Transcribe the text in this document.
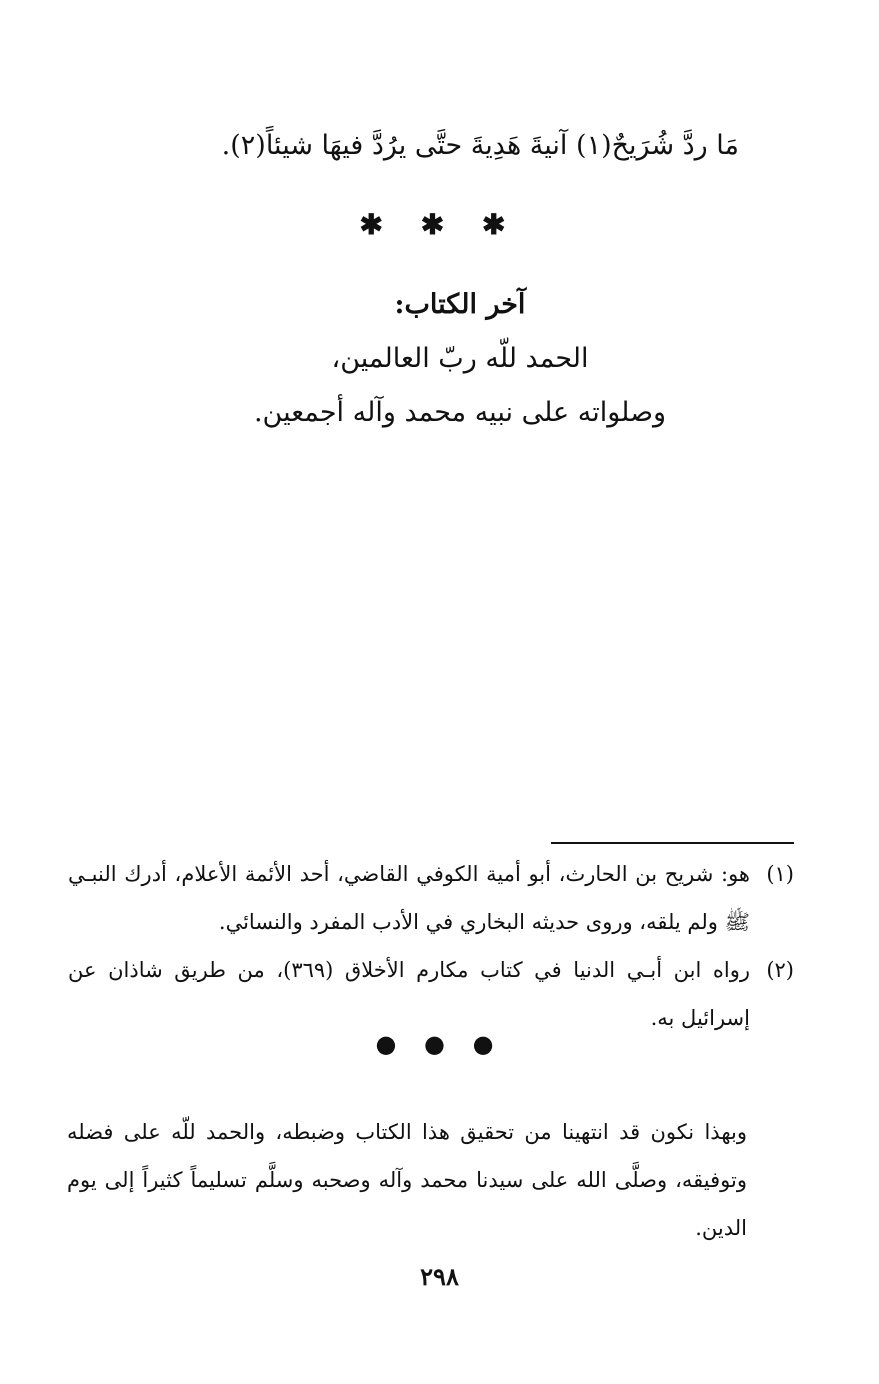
مَا ردَّ شُرَيحٌ(١) آنيةَ هَدِيةَ حتَّى يرُدَّ فيهَا شيئاً(٢).
✱ ✱ ✱
آخر الكتاب:
الحمد للّه ربّ العالمين،
وصلواته على نبيه محمد وآله أجمعين.
(١)
هو: شريح بن الحارث، أبو أمية الكوفي القاضي، أحد الأئمة الأعلام، أدرك النبـي ﷺ ولم يلقه، وروى حديثه البخاري في الأدب المفرد والنسائي.
(٢)
رواه ابن أبـي الدنيا في كتاب مكارم الأخلاق (٣٦٩)، من طريق شاذان عن إسرائيل به.
● ● ●
وبهذا نكون قد انتهينا من تحقيق هذا الكتاب وضبطه، والحمد للّه على فضله وتوفيقه، وصلَّى الله على سيدنا محمد وآله وصحبه وسلَّم تسليماً كثيراً إلى يوم الدين.
٢٩٨
